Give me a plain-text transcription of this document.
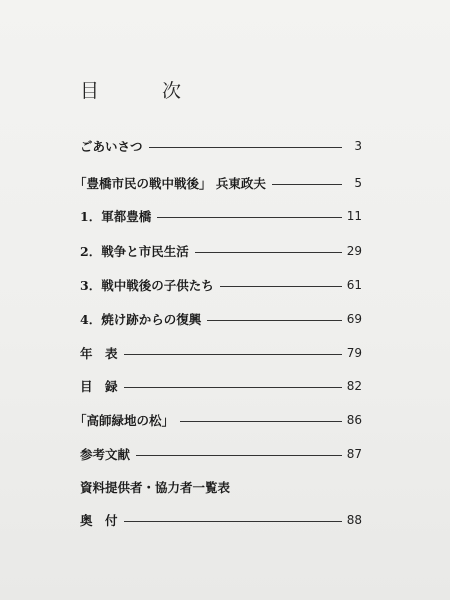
目　次
ごあいさつ	3
「豊橋市民の戦中戦後」 兵東政夫	5
1．軍都豊橋	11
2．戦争と市民生活	29
3．戦中戦後の子供たち	61
4．焼け跡からの復興	69
年　表	79
目　録	82
「高師緑地の松」	86
参考文献	87
資料提供者・協力者一覧表
奥　付	88
